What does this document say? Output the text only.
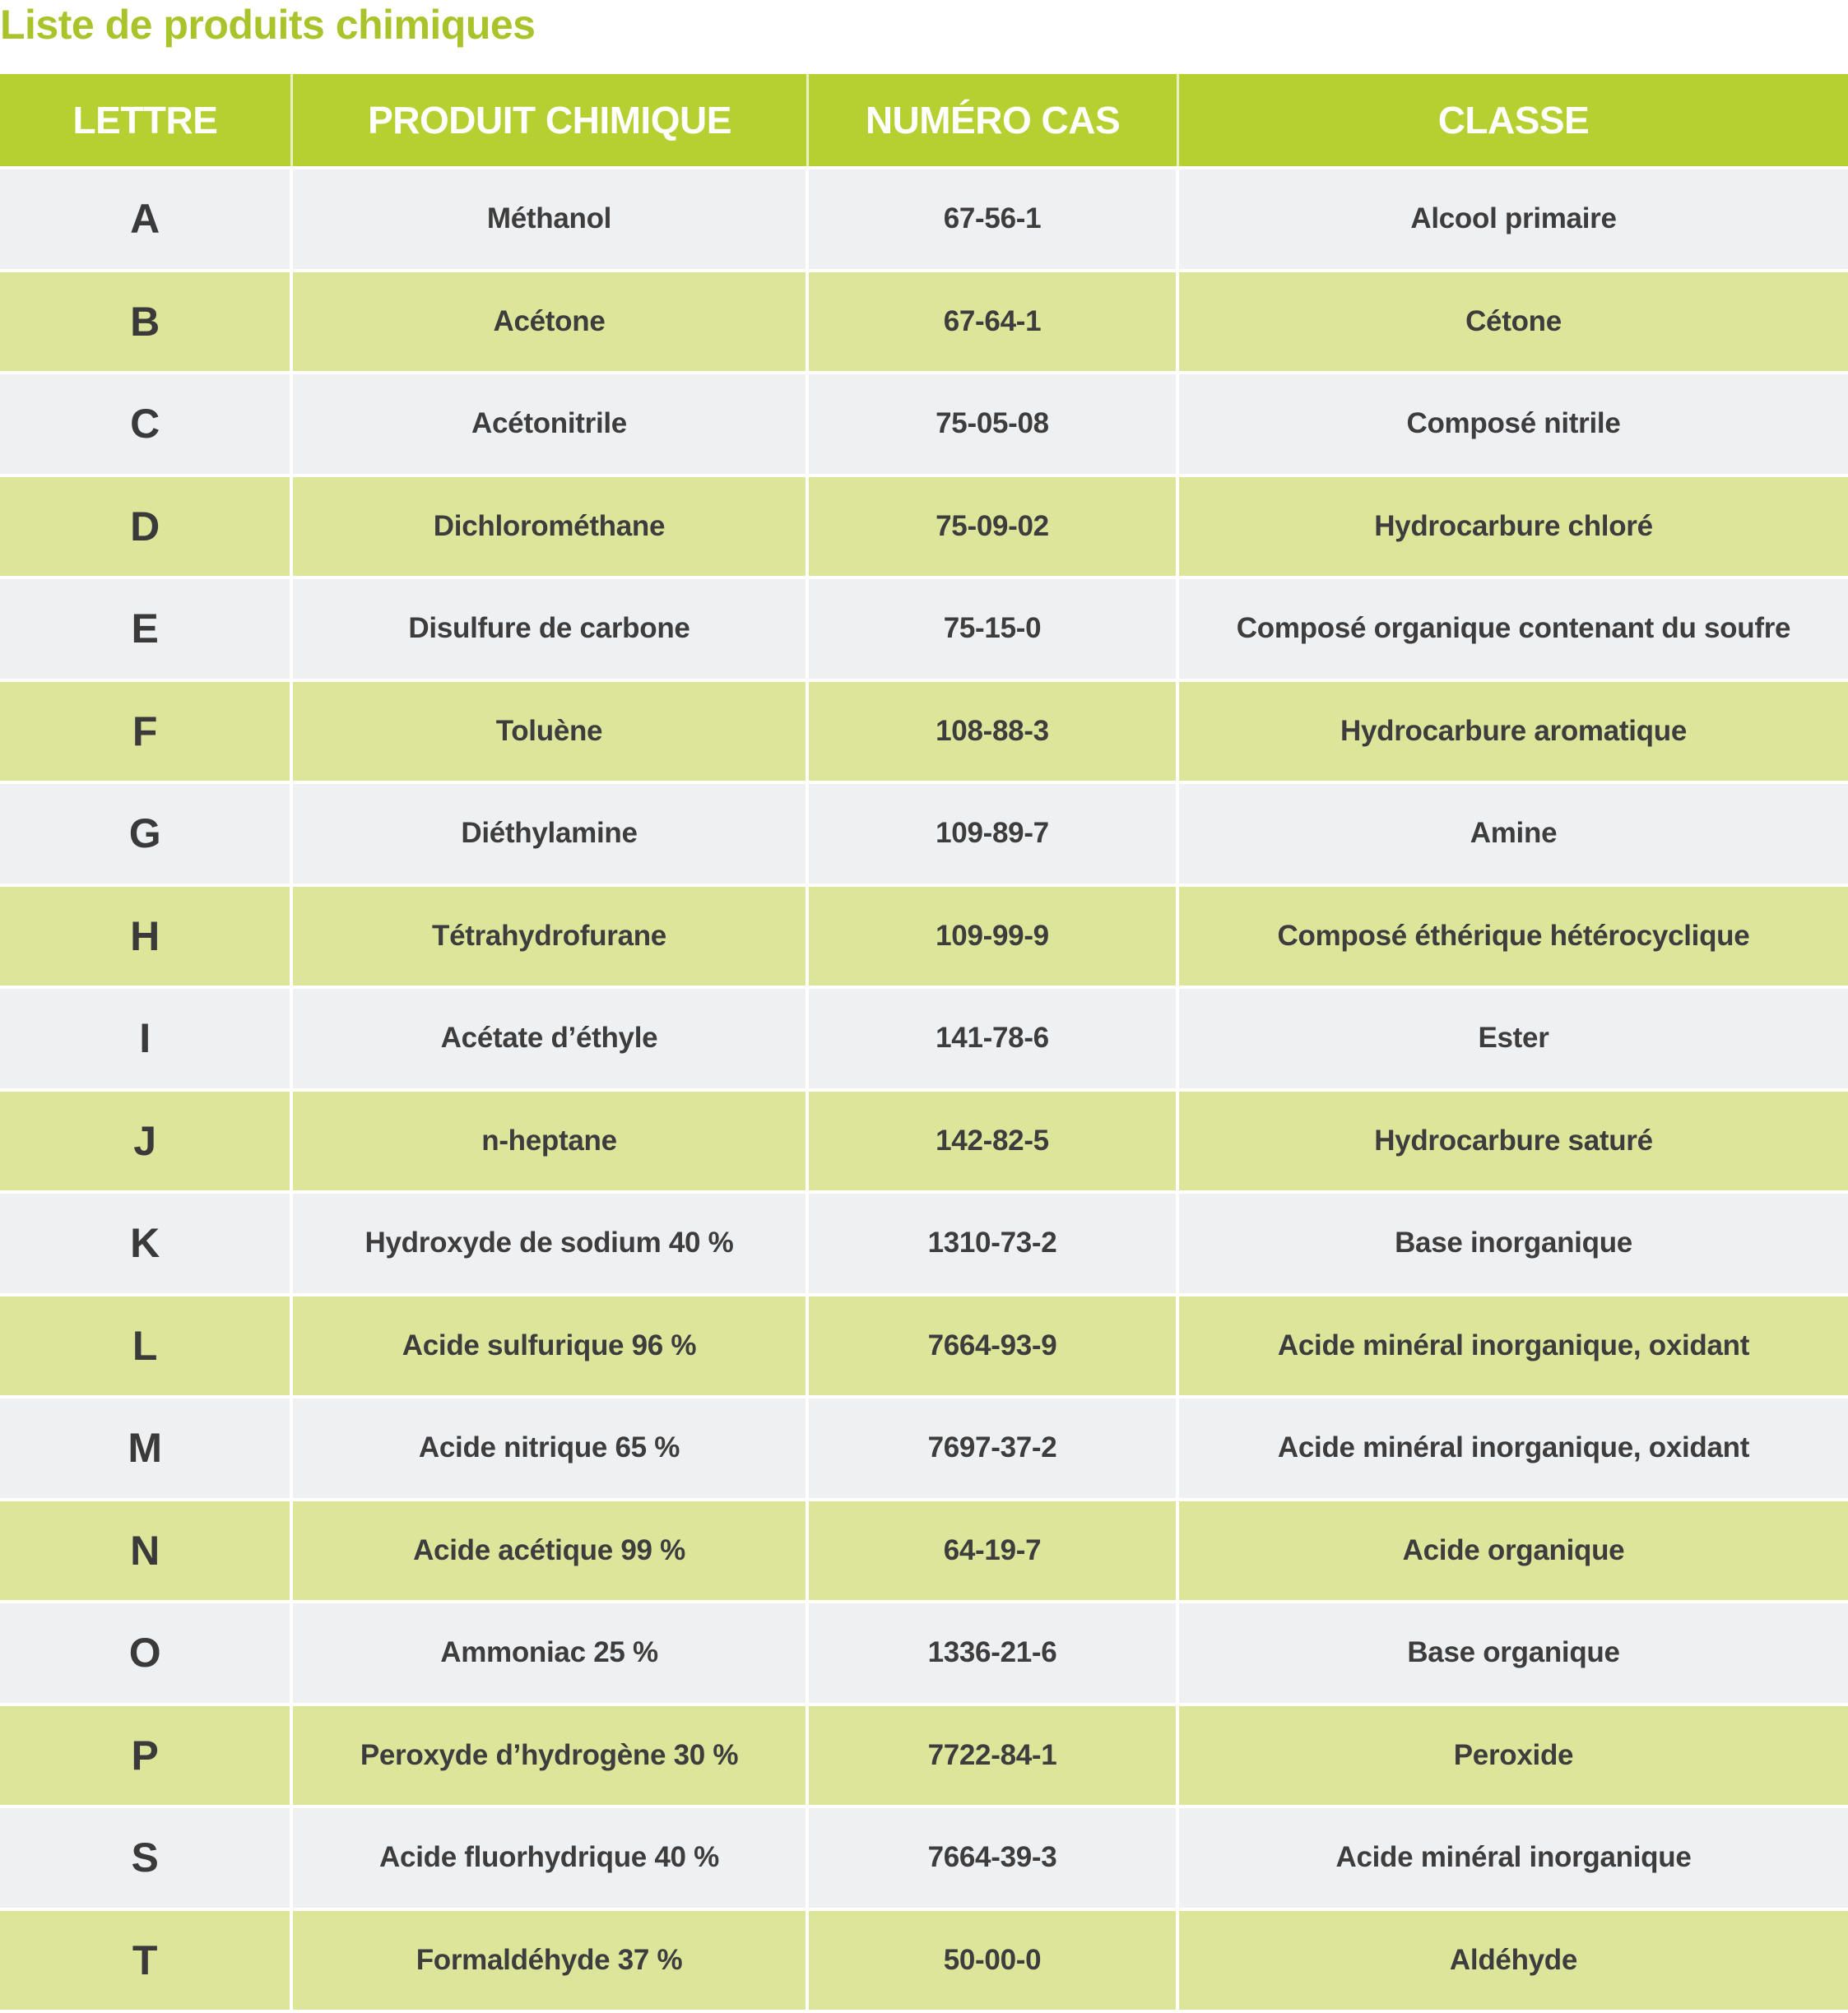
Liste de produits chimiques
LETTRE	PRODUIT CHIMIQUE	NUMÉRO CAS	CLASSE
A	Méthanol	67-56-1	Alcool primaire
B	Acétone	67-64-1	Cétone
C	Acétonitrile	75-05-08	Composé nitrile
D	Dichlorométhane	75-09-02	Hydrocarbure chloré
E	Disulfure de carbone	75-15-0	Composé organique contenant du soufre
F	Toluène	108-88-3	Hydrocarbure aromatique
G	Diéthylamine	109-89-7	Amine
H	Tétrahydrofurane	109-99-9	Composé éthérique hétérocyclique
I	Acétate d’éthyle	141-78-6	Ester
J	n-heptane	142-82-5	Hydrocarbure saturé
K	Hydroxyde de sodium 40 %	1310-73-2	Base inorganique
L	Acide sulfurique 96 %	7664-93-9	Acide minéral inorganique, oxidant
M	Acide nitrique 65 %	7697-37-2	Acide minéral inorganique, oxidant
N	Acide acétique 99 %	64-19-7	Acide organique
O	Ammoniac 25 %	1336-21-6	Base organique
P	Peroxyde d’hydrogène 30 %	7722-84-1	Peroxide
S	Acide fluorhydrique 40 %	7664-39-3	Acide minéral inorganique
T	Formaldéhyde 37 %	50-00-0	Aldéhyde
